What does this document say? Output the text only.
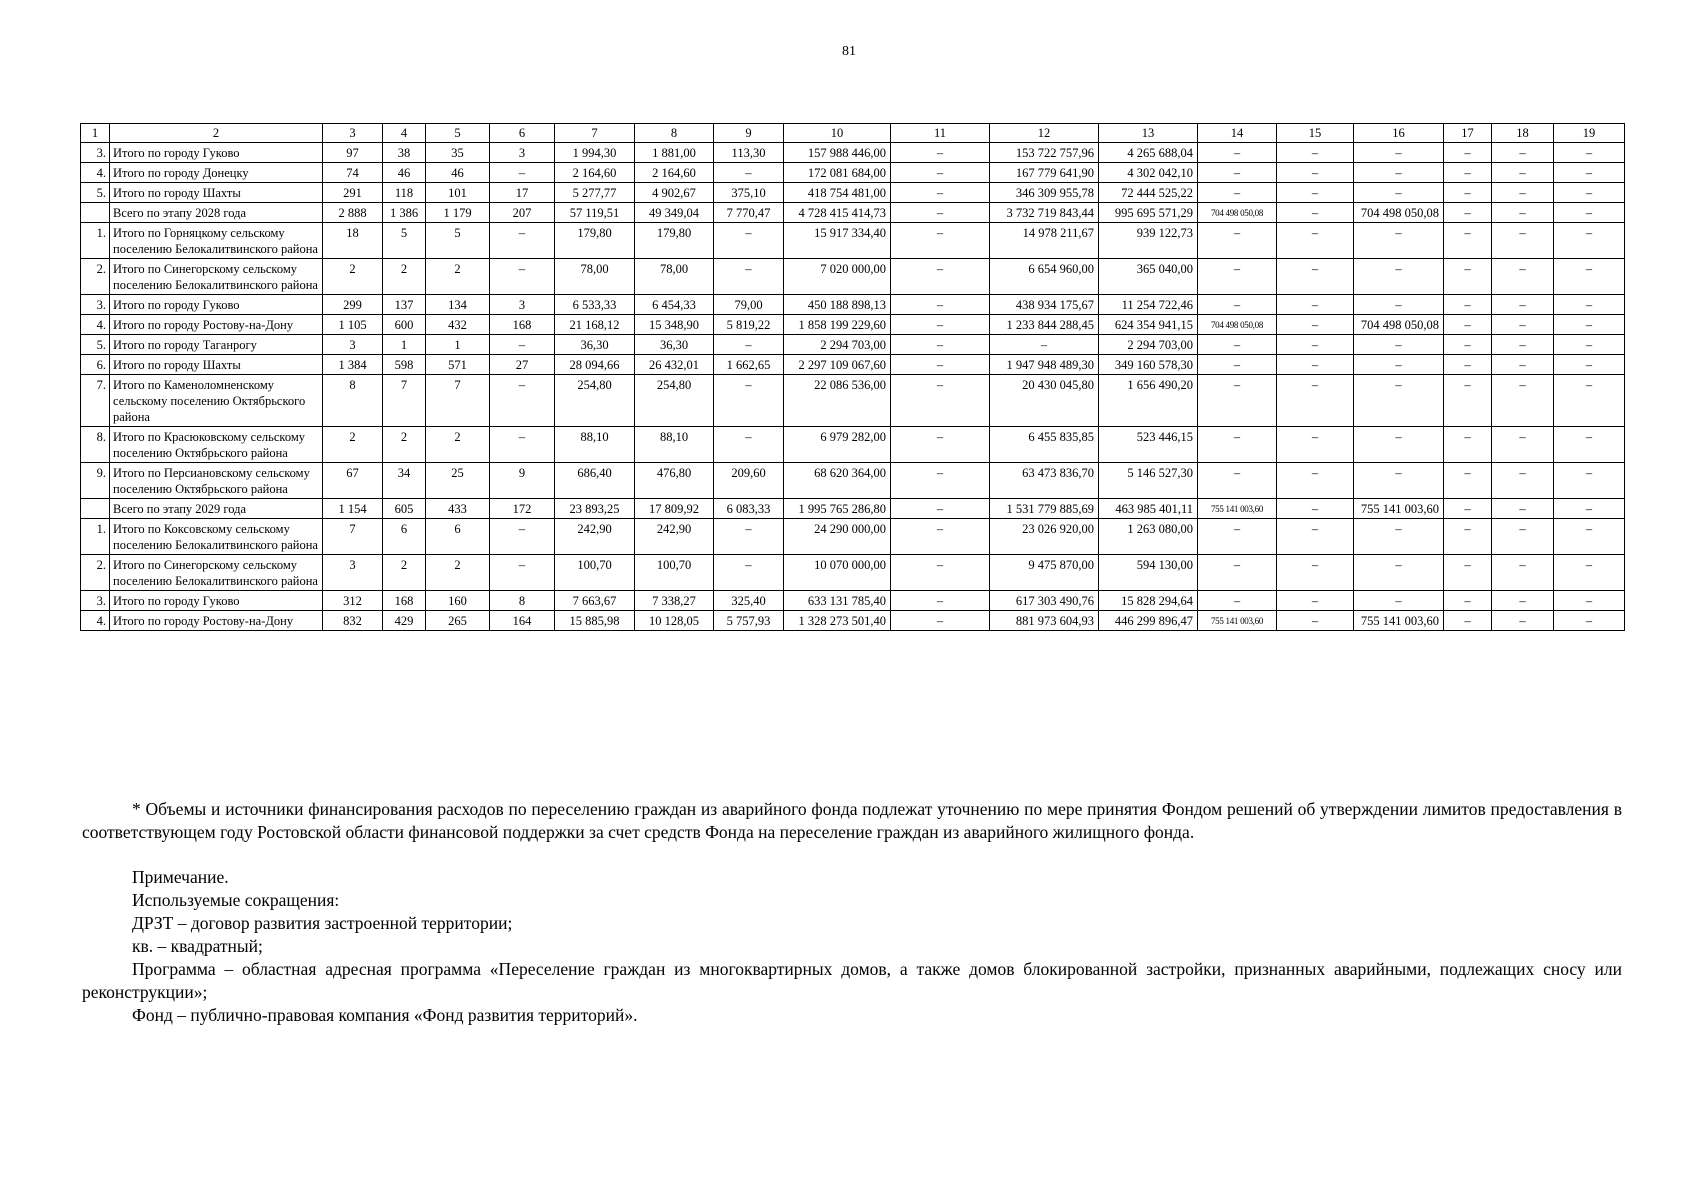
81
1	2	3	4	5	6	7	8	9	10	11	12	13	14	15	16	17	18	19
3.	Итого по городу Гуково	97	38	35	3	1 994,30	1 881,00	113,30	157 988 446,00	–	153 722 757,96	4 265 688,04	–	–	–	–	–	–
4.	Итого по городу Донецку	74	46	46	–	2 164,60	2 164,60	–	172 081 684,00	–	167 779 641,90	4 302 042,10	–	–	–	–	–	–
5.	Итого по городу Шахты	291	118	101	17	5 277,77	4 902,67	375,10	418 754 481,00	–	346 309 955,78	72 444 525,22	–	–	–	–	–	–
	Всего по этапу 2028 года	2 888	1 386	1 179	207	57 119,51	49 349,04	7 770,47	4 728 415 414,73	–	3 732 719 843,44	995 695 571,29	704 498 050,08	–	704 498 050,08	–	–	–
1.	Итого по Горняцкому сельскому поселению Белокалитвинского района	18	5	5	–	179,80	179,80	–	15 917 334,40	–	14 978 211,67	939 122,73	–	–	–	–	–	–
2.	Итого по Синегорскому сельскому поселению Белокалитвинского района	2	2	2	–	78,00	78,00	–	7 020 000,00	–	6 654 960,00	365 040,00	–	–	–	–	–	–
3.	Итого по городу Гуково	299	137	134	3	6 533,33	6 454,33	79,00	450 188 898,13	–	438 934 175,67	11 254 722,46	–	–	–	–	–	–
4.	Итого по городу Ростову-на-Дону	1 105	600	432	168	21 168,12	15 348,90	5 819,22	1 858 199 229,60	–	1 233 844 288,45	624 354 941,15	704 498 050,08	–	704 498 050,08	–	–	–
5.	Итого по городу Таганрогу	3	1	1	–	36,30	36,30	–	2 294 703,00	–	–	2 294 703,00	–	–	–	–	–	–
6.	Итого по городу Шахты	1 384	598	571	27	28 094,66	26 432,01	1 662,65	2 297 109 067,60	–	1 947 948 489,30	349 160 578,30	–	–	–	–	–	–
7.	Итого по Каменоломненскому сельскому поселению Октябрьского района	8	7	7	–	254,80	254,80	–	22 086 536,00	–	20 430 045,80	1 656 490,20	–	–	–	–	–	–
8.	Итого по Красюковскому сельскому поселению Октябрьского района	2	2	2	–	88,10	88,10	–	6 979 282,00	–	6 455 835,85	523 446,15	–	–	–	–	–	–
9.	Итого по Персиановскому сельскому поселению Октябрьского района	67	34	25	9	686,40	476,80	209,60	68 620 364,00	–	63 473 836,70	5 146 527,30	–	–	–	–	–	–
	Всего по этапу 2029 года	1 154	605	433	172	23 893,25	17 809,92	6 083,33	1 995 765 286,80	–	1 531 779 885,69	463 985 401,11	755 141 003,60	–	755 141 003,60	–	–	–
1.	Итого по Коксовскому сельскому поселению Белокалитвинского района	7	6	6	–	242,90	242,90	–	24 290 000,00	–	23 026 920,00	1 263 080,00	–	–	–	–	–	–
2.	Итого по Синегорскому сельскому поселению Белокалитвинского района	3	2	2	–	100,70	100,70	–	10 070 000,00	–	9 475 870,00	594 130,00	–	–	–	–	–	–
3.	Итого по городу Гуково	312	168	160	8	7 663,67	7 338,27	325,40	633 131 785,40	–	617 303 490,76	15 828 294,64	–	–	–	–	–	–
4.	Итого по городу Ростову-на-Дону	832	429	265	164	15 885,98	10 128,05	5 757,93	1 328 273 501,40	–	881 973 604,93	446 299 896,47	755 141 003,60	–	755 141 003,60	–	–	–

* Объемы и источники финансирования расходов по переселению граждан из аварийного фонда подлежат уточнению по мере принятия Фондом решений об утверждении лимитов предоставления в соответствующем году Ростовской области финансовой поддержки за счет средств Фонда на переселение граждан из аварийного жилищного фонда.

Примечание.

Используемые сокращения:

ДРЗТ – договор развития застроенной территории;

кв. – квадратный;

Программа – областная адресная программа «Переселение граждан из многоквартирных домов, а также домов блокированной застройки, признанных аварийными, подлежащих сносу или реконструкции»;

Фонд – публично-правовая компания «Фонд развития территорий».
